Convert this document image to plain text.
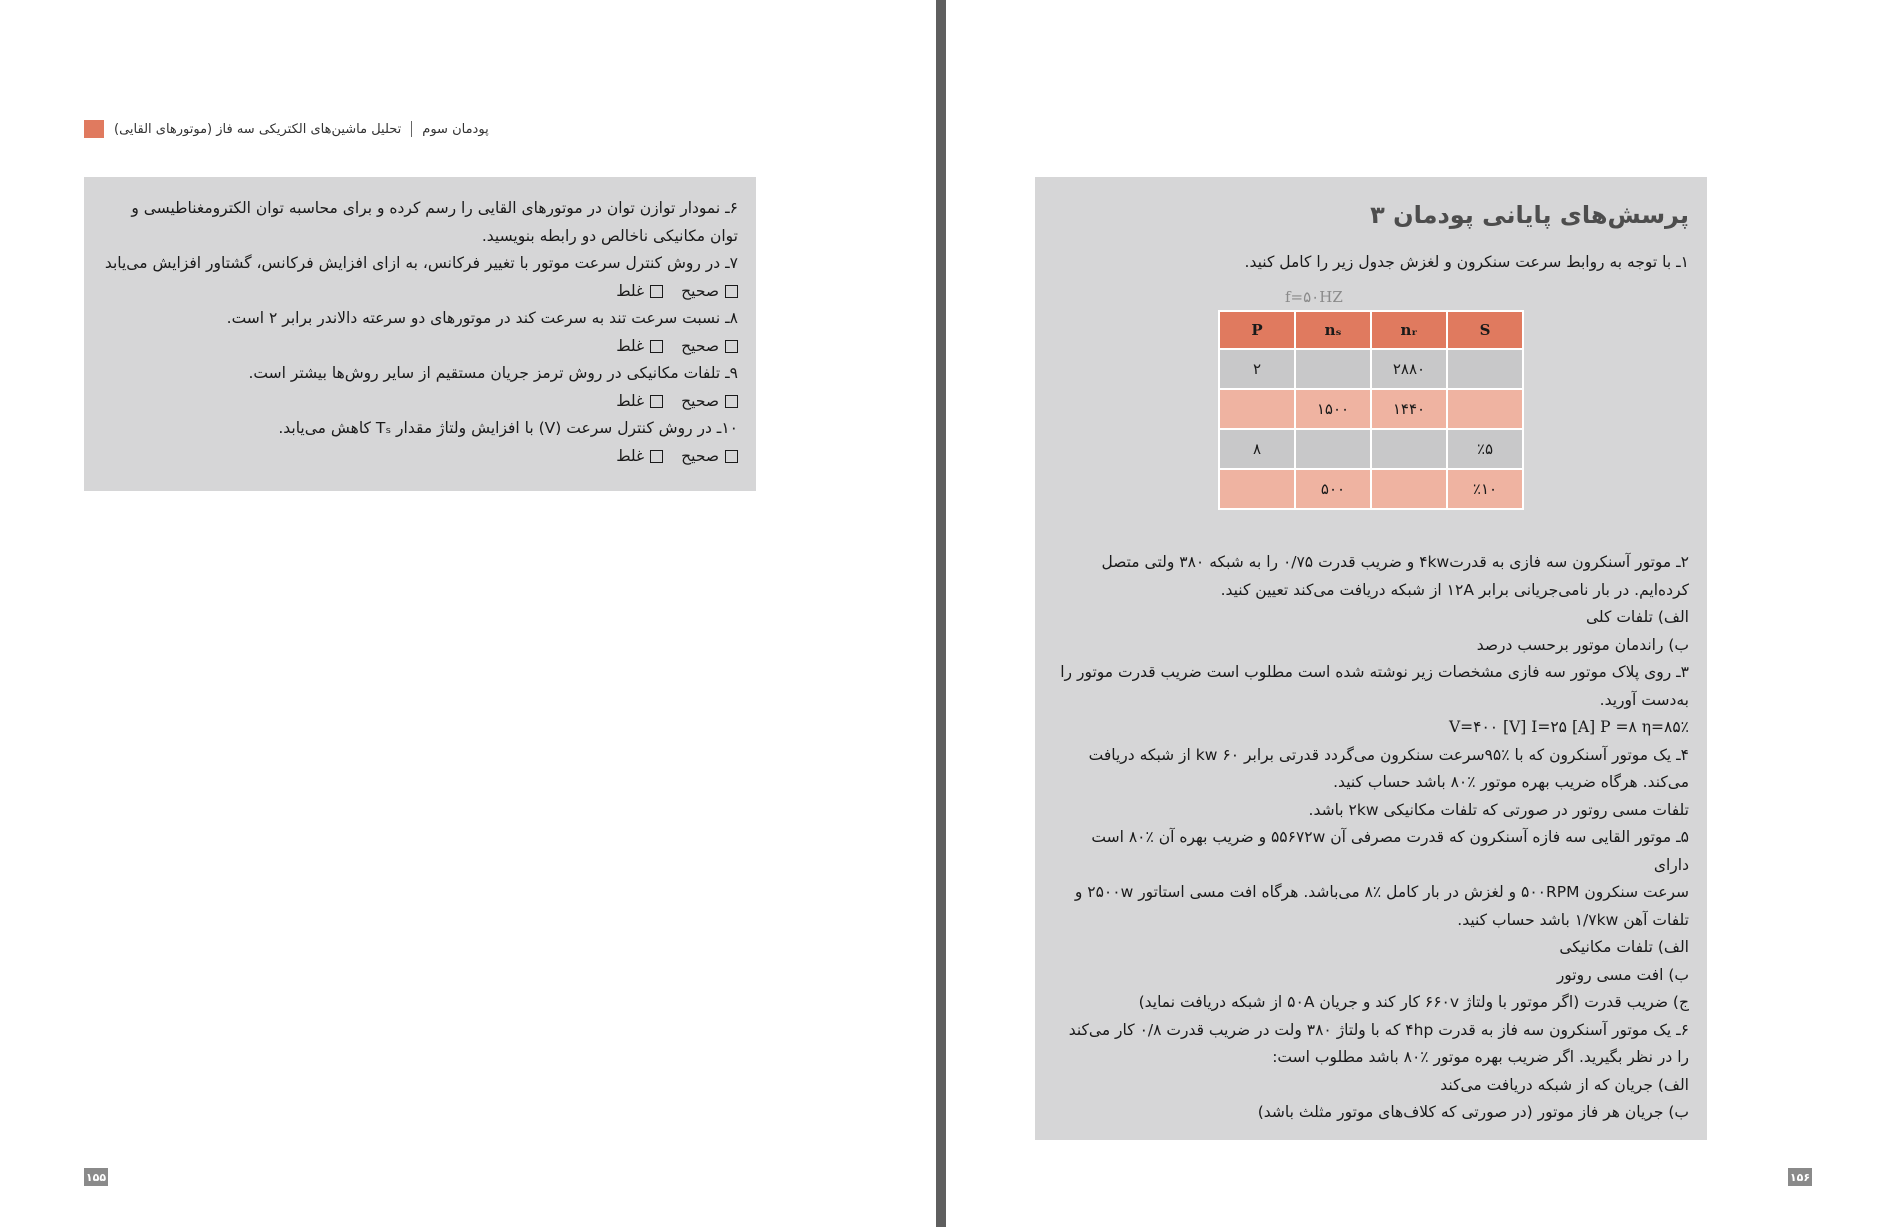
تحلیل ماشین‌های الکتریکی سه فاز (موتورهای القایی) پودمان سوم

۶ـ نمودار توازن توان در موتورهای القایی را رسم کرده و برای محاسبه توان الکترومغناطیسی و توان مکانیکی ناخالص دو رابطه بنویسید.

۷ـ در روش کنترل سرعت موتور با تغییر فرکانس، به ازای افزایش فرکانس، گشتاور افزایش می‌یابد

صحیح
غلط

۸ـ نسبت سرعت تند به سرعت کند در موتورهای دو سرعته دالاندر برابر ۲ است.

صحیح
غلط

۹ـ تلفات مکانیکی در روش ترمز جریان مستقیم از سایر روش‌ها بیشتر است.

صحیح
غلط

۱۰ـ در روش کنترل سرعت (V) با افزایش ولتاژ مقدار Tₛ کاهش می‌یابد.

صحیح
غلط
۱۵۵
پرسش‌های پایانی پودمان ۳

۱ـ با توجه به روابط سرعت سنکرون و لغزش جدول زیر را کامل کنید.

f=۵۰HZ
P	nₛ	nᵣ	S
۲		۲۸۸۰	
	۱۵۰۰	۱۴۴۰	
۸			٪۵
	۵۰۰		٪۱۰

۲ـ موتور آسنکرون سه فازی به قدرت۴kw و ضریب قدرت ۰/۷۵ را به شبکه ۳۸۰ ولتی متصل

کرده‌ایم. در بار نامی‌جریانی برابر ۱۲A از شبکه دریافت می‌کند تعیین کنید.

الف) تلفات کلی

ب) راندمان موتور برحسب درصد

۳ـ روی پلاک موتور سه فازی مشخصات زیر نوشته شده است مطلوب است ضریب قدرت موتور را

به‌دست آورید.

V=۴۰۰ [V] I=۲۵ [A] P =۸ η=۸۵٪

۴ـ یک موتور آسنکرون که با ٪۹۵سرعت سنکرون می‌گردد قدرتی برابر ۶۰ kw از شبکه دریافت

می‌کند. هرگاه ضریب بهره موتور ٪۸۰ باشد حساب کنید.

تلفات مسی روتور در صورتی که تلفات مکانیکی ۲kw باشد.

۵ـ موتور القایی سه فازه آسنکرون که قدرت مصرفی آن ۵۵۶۷۲w و ضریب بهره آن ٪۸۰ است دارای

سرعت سنکرون ۵۰۰RPM و لغزش در بار کامل ٪۸ می‌باشد. هرگاه افت مسی استاتور ۲۵۰۰w و

تلفات آهن ۱/۷kw باشد حساب کنید.

الف) تلفات مکانیکی

ب) افت مسی روتور

ج) ضریب قدرت (اگر موتور با ولتاژ ۶۶۰v کار کند و جریان ۵۰A از شبکه دریافت نماید)

۶ـ یک موتور آسنکرون سه فاز به قدرت ۴hp که با ولتاژ ۳۸۰ ولت در ضریب قدرت ۰/۸ کار می‌کند

را در نظر بگیرید. اگر ضریب بهره موتور ٪۸۰ باشد مطلوب است:

الف) جریان که از شبکه دریافت می‌کند

ب) جریان هر فاز موتور (در صورتی که کلاف‌های موتور مثلث باشد)

۱۵۶
